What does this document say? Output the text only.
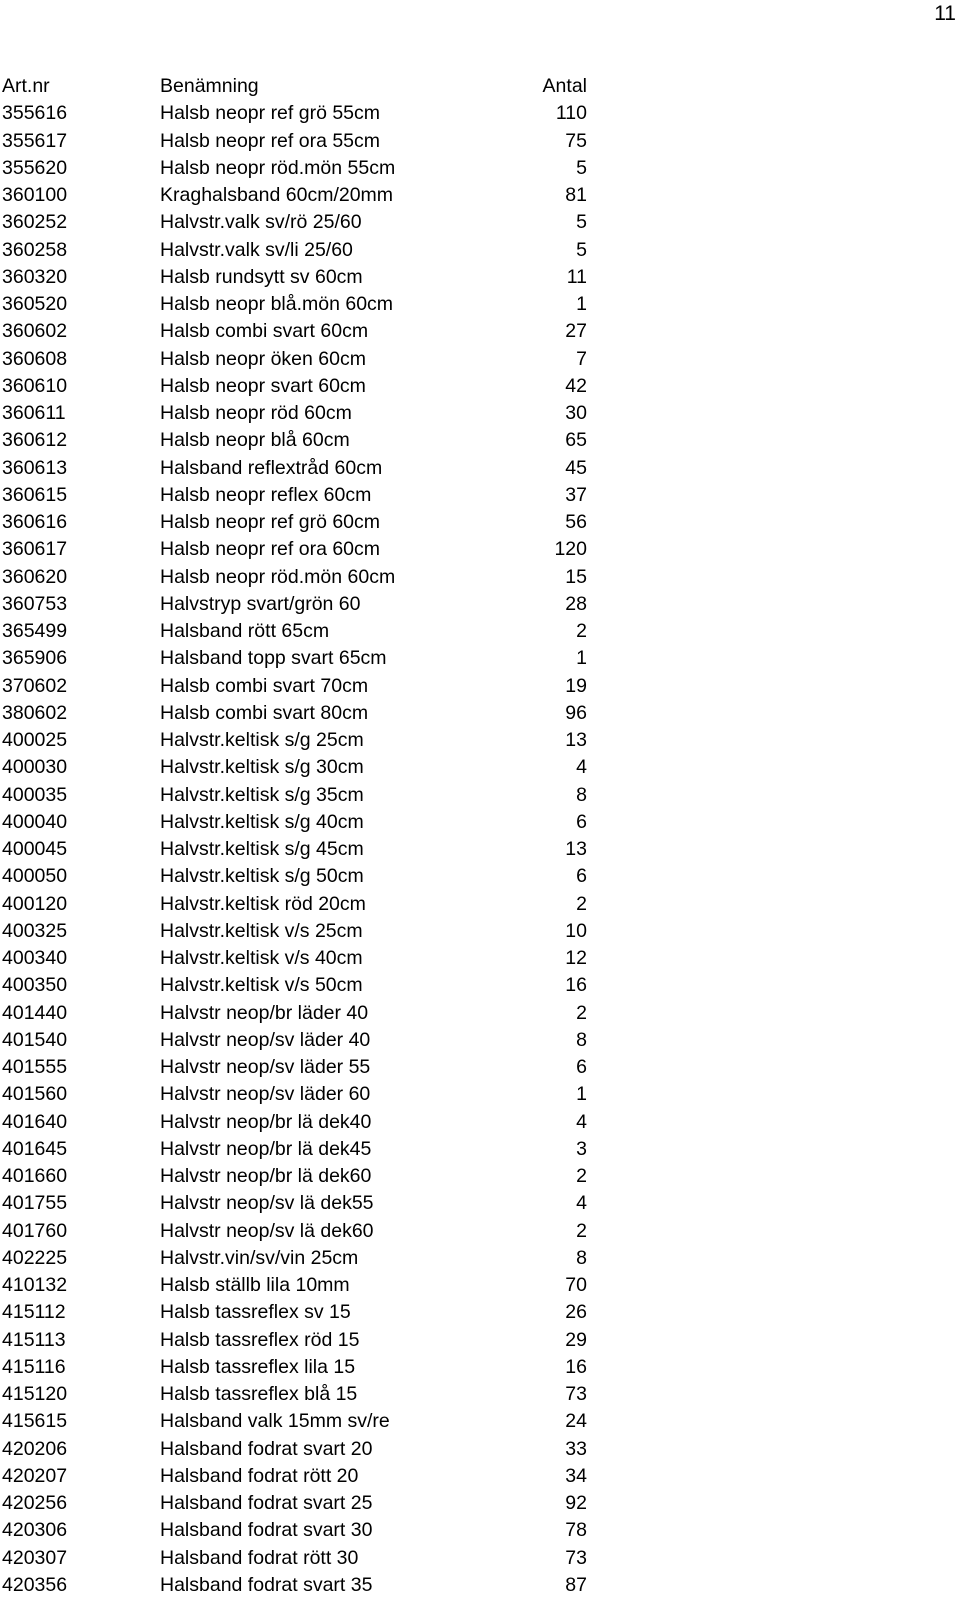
11
Art.nr	Benämning	Antal
355616	Halsb neopr ref grö 55cm	110
355617	Halsb neopr ref ora 55cm	75
355620	Halsb neopr röd.mön 55cm	5
360100	Kraghalsband 60cm/20mm	81
360252	Halvstr.valk sv/rö 25/60	5
360258	Halvstr.valk sv/li 25/60	5
360320	Halsb rundsytt sv 60cm	11
360520	Halsb neopr blå.mön 60cm	1
360602	Halsb combi svart 60cm	27
360608	Halsb neopr öken 60cm	7
360610	Halsb neopr svart 60cm	42
360611	Halsb neopr röd 60cm	30
360612	Halsb neopr blå 60cm	65
360613	Halsband reflextråd 60cm	45
360615	Halsb neopr reflex 60cm	37
360616	Halsb neopr ref grö 60cm	56
360617	Halsb neopr ref ora 60cm	120
360620	Halsb neopr röd.mön 60cm	15
360753	Halvstryp svart/grön 60	28
365499	Halsband rött 65cm	2
365906	Halsband topp svart 65cm	1
370602	Halsb combi svart 70cm	19
380602	Halsb combi svart 80cm	96
400025	Halvstr.keltisk s/g 25cm	13
400030	Halvstr.keltisk s/g 30cm	4
400035	Halvstr.keltisk s/g 35cm	8
400040	Halvstr.keltisk s/g 40cm	6
400045	Halvstr.keltisk s/g 45cm	13
400050	Halvstr.keltisk s/g 50cm	6
400120	Halvstr.keltisk röd 20cm	2
400325	Halvstr.keltisk v/s 25cm	10
400340	Halvstr.keltisk v/s 40cm	12
400350	Halvstr.keltisk v/s 50cm	16
401440	Halvstr neop/br läder 40	2
401540	Halvstr neop/sv läder 40	8
401555	Halvstr neop/sv läder 55	6
401560	Halvstr neop/sv läder 60	1
401640	Halvstr neop/br lä dek40	4
401645	Halvstr neop/br lä dek45	3
401660	Halvstr neop/br lä dek60	2
401755	Halvstr neop/sv lä dek55	4
401760	Halvstr neop/sv lä dek60	2
402225	Halvstr.vin/sv/vin 25cm	8
410132	Halsb ställb lila 10mm	70
415112	Halsb tassreflex sv 15	26
415113	Halsb tassreflex röd 15	29
415116	Halsb tassreflex lila 15	16
415120	Halsb tassreflex blå 15	73
415615	Halsband valk 15mm sv/re	24
420206	Halsband fodrat svart 20	33
420207	Halsband fodrat rött 20	34
420256	Halsband fodrat svart 25	92
420306	Halsband fodrat svart 30	78
420307	Halsband fodrat rött 30	73
420356	Halsband fodrat svart 35	87
